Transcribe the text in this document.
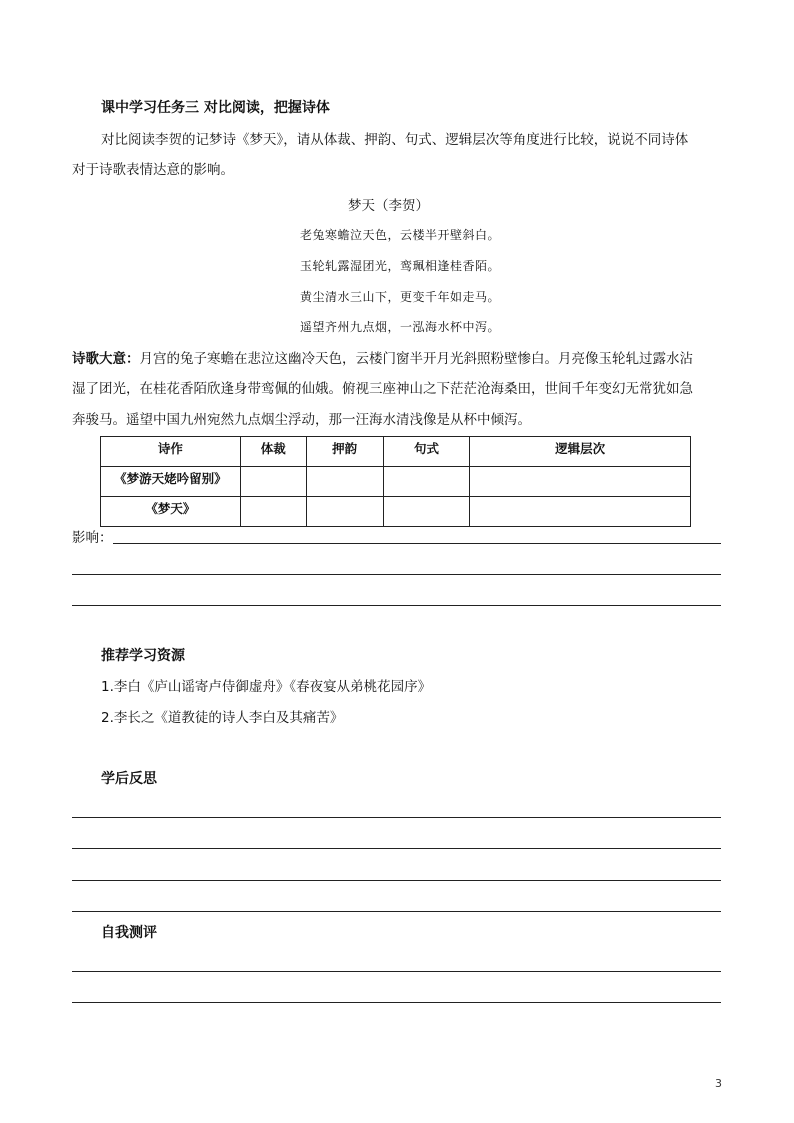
课中学习任务三 对比阅读，把握诗体
对比阅读李贺的记梦诗《梦天》，请从体裁、押韵、句式、逻辑层次等角度进行比较，说说不同诗体
对于诗歌表情达意的影响。
梦天（李贺）
老兔寒蟾泣天色，云楼半开壁斜白。
玉轮轧露湿团光，鸾珮相逢桂香陌。
黄尘清水三山下，更变千年如走马。
遥望齐州九点烟，一泓海水杯中泻。
诗歌大意：月宫的兔子寒蟾在悲泣这幽冷天色，云楼门窗半开月光斜照粉壁惨白。月亮像玉轮轧过露水沾
湿了团光，在桂花香陌欣逢身带鸾佩的仙娥。俯视三座神山之下茫茫沧海桑田，世间千年变幻无常犹如急
奔骏马。遥望中国九州宛然九点烟尘浮动，那一汪海水清浅像是从杯中倾泻。
诗作	体裁	押韵	句式	逻辑层次
《梦游天姥吟留别》				
《梦天》				
影响：
推荐学习资源
1.李白《庐山谣寄卢侍御虚舟》《春夜宴从弟桃花园序》
2.李长之《道教徒的诗人李白及其痛苦》
学后反思
自我测评
3
